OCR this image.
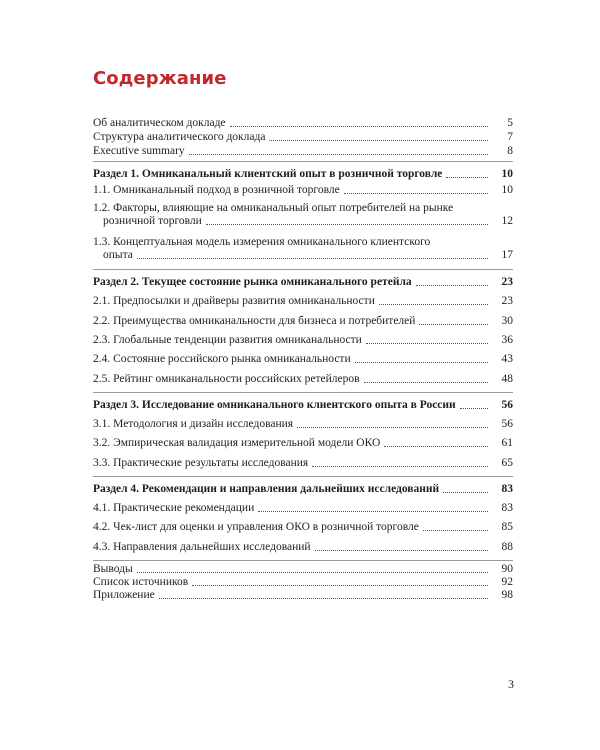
Содержание
Об аналитическом докладе	5
Структура аналитического доклада	7
Executive summary	8
Раздел 1. Омниканальный клиентский опыт в розничной торговле	10
1.1. Омниканальный подход в розничной торговле	10
1.2. Факторы, влияющие на омниканальный опыт потребителей на рынке
розничной торговли	12
1.3. Концептуальная модель измерения омниканального клиентского
опыта	17
Раздел 2. Текущее состояние рынка омниканального ретейла	23
2.1. Предпосылки и драйверы развития омниканальности	23
2.2. Преимущества омниканальности для бизнеса и потребителей	30
2.3. Глобальные тенденции развития омниканальности	36
2.4. Состояние российского рынка омниканальности	43
2.5. Рейтинг омниканальности российских ретейлеров	48
Раздел 3. Исследование омниканального клиентского опыта в России	56
3.1. Методология и дизайн исследования	56
3.2. Эмпирическая валидация измерительной модели ОКО	61
3.3. Практические результаты исследования	65
Раздел 4. Рекомендации и направления дальнейших исследований	83
4.1. Практические рекомендации	83
4.2. Чек-лист для оценки и управления ОКО в розничной торговле	85
4.3. Направления дальнейших исследований	88
Выводы	90
Список источников	92
Приложение	98
3
